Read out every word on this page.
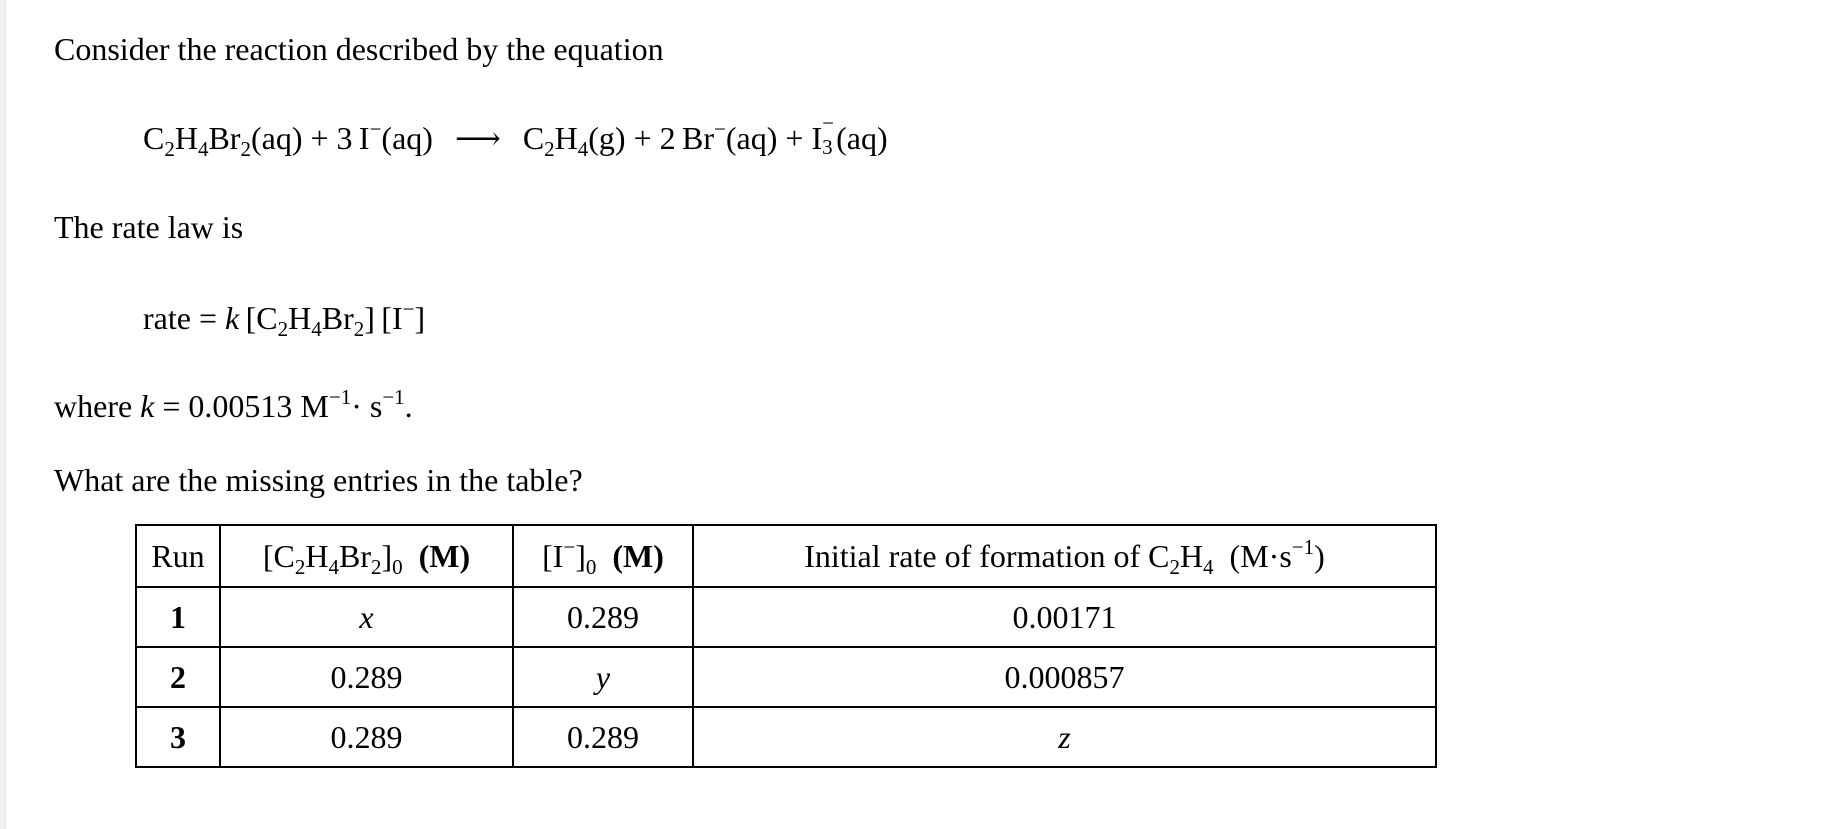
Consider the reaction described by the equation
$C_2H_4Br_2(aq) + 3$ I−(aq) ⟶ $C_2H_4(g) + 2$ Br−(aq) + I −
3 (aq)
The rate law is
rate = k $[C_2H_4Br_2]$ [I−]
where k = 0.00513 $M^{-1}\cdot s^{-1}$.
What are the missing entries in the table?
Run	$[C_2H_4Br_2]_0$  (M)	$[I^-]_0$  (M)	Initial rate of formation of $C_2H_4$  $(M\cdot s^{-1})$
1	x	0.289	0.00171
2	0.289	y	0.000857
3	0.289	0.289	z
